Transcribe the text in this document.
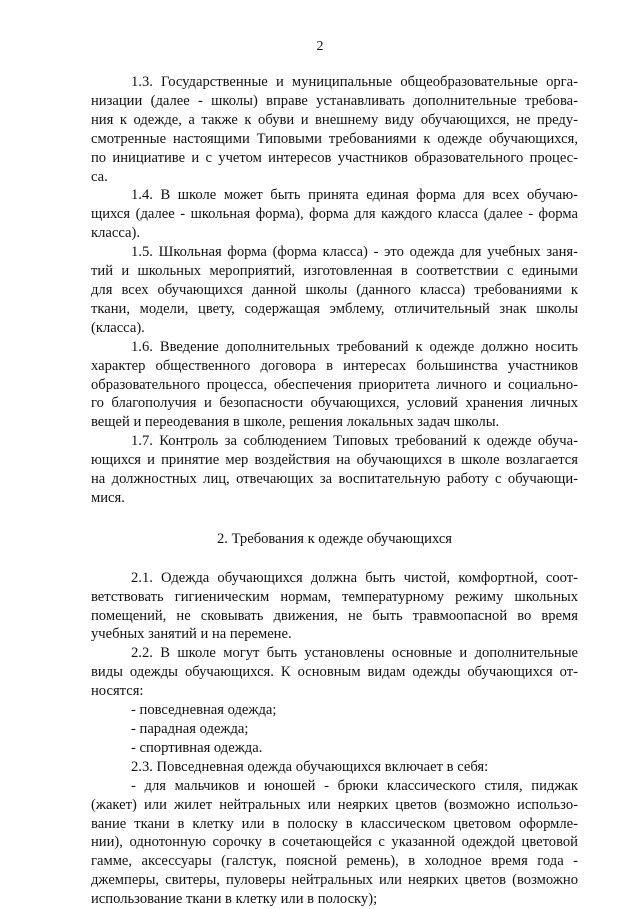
2

1.3. Государственные и муниципальные общеобразовательные орга-
низации (далее - школы) вправе устанавливать дополнительные требова-
ния к одежде, а также к обуви и внешнему виду обучающихся, не преду-
смотренные настоящими Типовыми требованиями к одежде обучающихся,
по инициативе и с учетом интересов участников образовательного процес-
са.

1.4. В школе может быть принята единая форма для всех обучаю-
щихся (далее - школьная форма), форма для каждого класса (далее - форма
класса).

1.5. Школьная форма (форма класса) - это одежда для учебных заня-
тий и школьных мероприятий, изготовленная в соответствии с едиными
для всех обучающихся данной школы (данного класса) требованиями к
ткани, модели, цвету, содержащая эмблему, отличительный знак школы
(класса).

1.6. Введение дополнительных требований к одежде должно носить
характер общественного договора в интересах большинства участников
образовательного процесса, обеспечения приоритета личного и социально-
го благополучия и безопасности обучающихся, условий хранения личных
вещей и переодевания в школе, решения локальных задач школы.

1.7. Контроль за соблюдением Типовых требований к одежде обуча-
ющихся и принятие мер воздействия на обучающихся в школе возлагается
на должностных лиц, отвечающих за воспитательную работу с обучающи-
мися.

2. Требования к одежде обучающихся

2.1. Одежда обучающихся должна быть чистой, комфортной, соот-
ветствовать гигиеническим нормам, температурному режиму школьных
помещений, не сковывать движения, не быть травмоопасной во время
учебных занятий и на перемене.

2.2. В школе могут быть установлены основные и дополнительные
виды одежды обучающихся. К основным видам одежды обучающихся от-
носятся:

- повседневная одежда;
- парадная одежда;
- спортивная одежда.
2.3. Повседневная одежда обучающихся включает в себя:

- для мальчиков и юношей - брюки классического стиля, пиджак
(жакет) или жилет нейтральных или неярких цветов (возможно использо-
вание ткани в клетку или в полоску в классическом цветовом оформле-
нии), однотонную сорочку в сочетающейся с указанной одеждой цветовой
гамме, аксессуары (галстук, поясной ремень), в холодное время года -
джемперы, свитеры, пуловеры нейтральных или неярких цветов (возможно
использование ткани в клетку или в полоску);
